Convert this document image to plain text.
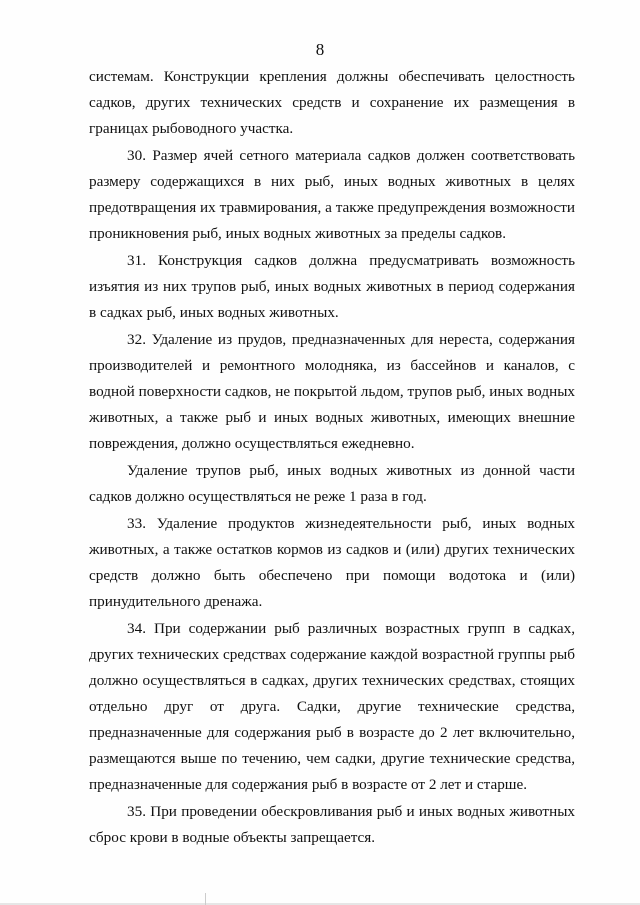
8

системам. Конструкции крепления должны обеспечивать целостность садков, других технических средств и сохранение их размещения в границах рыбоводного участка.

30. Размер ячей сетного материала садков должен соответствовать размеру содержащихся в них рыб, иных водных животных в целях предотвращения их травмирования, а также предупреждения возможности проникновения рыб, иных водных животных за пределы садков.

31. Конструкция садков должна предусматривать возможность изъятия из них трупов рыб, иных водных животных в период содержания в садках рыб, иных водных животных.

32. Удаление из прудов, предназначенных для нереста, содержания производителей и ремонтного молодняка, из бассейнов и каналов, с водной поверхности садков, не покрытой льдом, трупов рыб, иных водных животных, а также рыб и иных водных животных, имеющих внешние повреждения, должно осуществляться ежедневно.

Удаление трупов рыб, иных водных животных из донной части садков должно осуществляться не реже 1 раза в год.

33. Удаление продуктов жизнедеятельности рыб, иных водных животных, а также остатков кормов из садков и (или) других технических средств должно быть обеспечено при помощи водотока и (или) принудительного дренажа.

34. При содержании рыб различных возрастных групп в садках, других технических средствах содержание каждой возрастной группы рыб должно осуществляться в садках, других технических средствах, стоящих отдельно друг от друга. Садки, другие технические средства, предназначенные для содержания рыб в возрасте до 2 лет включительно, размещаются выше по течению, чем садки, другие технические средства, предназначенные для содержания рыб в возрасте от 2 лет и старше.

35. При проведении обескровливания рыб и иных водных животных сброс крови в водные объекты запрещается.
